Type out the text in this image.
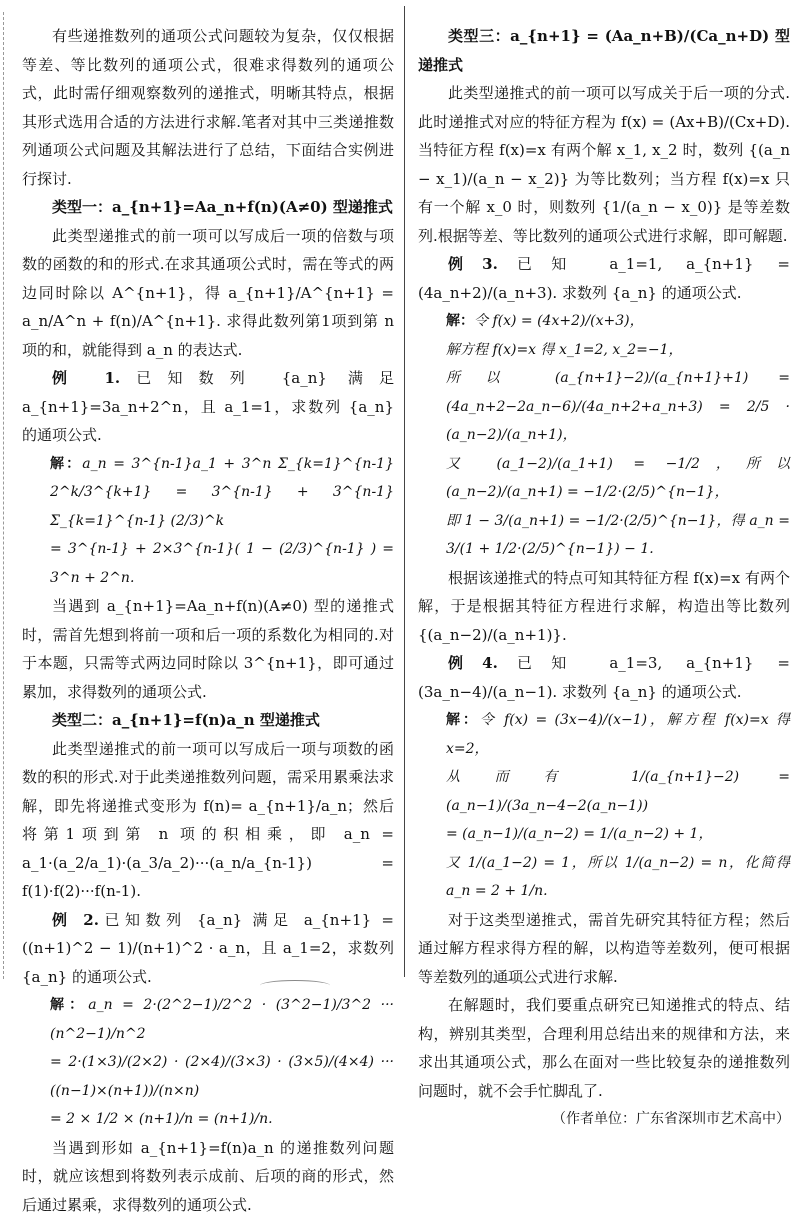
有些递推数列的通项公式问题较为复杂，仅仅根据等差、等比数列的通项公式，很难求得数列的通项公式，此时需仔细观察数列的递推式，明晰其特点，根据其形式选用合适的方法进行求解.笔者对其中三类递推数列通项公式问题及其解法进行了总结，下面结合实例进行探讨.

类型一：a_{n+1}=Aa_n+f(n)(A≠0) 型递推式

此类型递推式的前一项可以写成后一项的倍数与项数的函数的和的形式.在求其通项公式时，需在等式的两边同时除以 A^{n+1}，得 a_{n+1}/A^{n+1} = a_n/A^n + f(n)/A^{n+1}. 求得此数列第1项到第 n 项的和，就能得到 a_n 的表达式.

例 1.已知数列 {a_n} 满足 a_{n+1}=3a_n+2^n，且 a_1=1，求数列 {a_n} 的通项公式.

解：a_n = 3^{n-1}a_1 + 3^n Σ_{k=1}^{n-1} 2^k/3^{k+1} = 3^{n-1} + 3^{n-1} Σ_{k=1}^{n-1} (2/3)^k

= 3^{n-1} + 2×3^{n-1}( 1 − (2/3)^{n-1} ) = 3^n + 2^n.

当遇到 a_{n+1}=Aa_n+f(n)(A≠0) 型的递推式时，需首先想到将前一项和后一项的系数化为相同的.对于本题，只需等式两边同时除以 3^{n+1}，即可通过累加，求得数列的通项公式.

类型二：a_{n+1}=f(n)a_n 型递推式

此类型递推式的前一项可以写成后一项与项数的函数的积的形式.对于此类递推数列问题，需采用累乘法求解，即先将递推式变形为 f(n)= a_{n+1}/a_n；然后将第1项到第 n 项的积相乘，即 a_n = a_1·(a_2/a_1)·(a_3/a_2)···(a_n/a_{n-1}) = f(1)·f(2)···f(n-1).

例 2.已知数列 {a_n} 满足 a_{n+1} = ((n+1)^2 − 1)/(n+1)^2 · a_n，且 a_1=2，求数列 {a_n} 的通项公式.

解：a_n = 2·(2^2−1)/2^2 · (3^2−1)/3^2 ··· (n^2−1)/n^2

= 2·(1×3)/(2×2) · (2×4)/(3×3) · (3×5)/(4×4) ··· ((n−1)×(n+1))/(n×n)

= 2 × 1/2 × (n+1)/n = (n+1)/n.

当遇到形如 a_{n+1}=f(n)a_n 的递推数列问题时，就应该想到将数列表示成前、后项的商的形式，然后通过累乘，求得数列的通项公式.

类型三：a_{n+1} = (Aa_n+B)/(Ca_n+D) 型递推式

此类型递推式的前一项可以写成关于后一项的分式.此时递推式对应的特征方程为 f(x) = (Ax+B)/(Cx+D). 当特征方程 f(x)=x 有两个解 x_1, x_2 时，数列 {(a_n − x_1)/(a_n − x_2)} 为等比数列；当方程 f(x)=x 只有一个解 x_0 时，则数列 {1/(a_n − x_0)} 是等差数列.根据等差、等比数列的通项公式进行求解，即可解题.

例3.已知 a_1=1, a_{n+1} = (4a_n+2)/(a_n+3). 求数列 {a_n} 的通项公式.

解：令 f(x) = (4x+2)/(x+3)，

解方程 f(x)=x 得 x_1=2, x_2=−1，

所以 (a_{n+1}−2)/(a_{n+1}+1) = (4a_n+2−2a_n−6)/(4a_n+2+a_n+3) = 2/5 · (a_n−2)/(a_n+1)，

又 (a_1−2)/(a_1+1) = −1/2，所以 (a_n−2)/(a_n+1) = −1/2·(2/5)^{n−1}，

即 1 − 3/(a_n+1) = −1/2·(2/5)^{n−1}，得 a_n = 3/(1 + 1/2·(2/5)^{n−1}) − 1.

根据该递推式的特点可知其特征方程 f(x)=x 有两个解，于是根据其特征方程进行求解，构造出等比数列 {(a_n−2)/(a_n+1)}.

例4.已知 a_1=3, a_{n+1} = (3a_n−4)/(a_n−1). 求数列 {a_n} 的通项公式.

解：令 f(x) = (3x−4)/(x−1)，解方程 f(x)=x 得 x=2，

从而有 1/(a_{n+1}−2) = (a_n−1)/(3a_n−4−2(a_n−1))

= (a_n−1)/(a_n−2) = 1/(a_n−2) + 1，

又 1/(a_1−2) = 1，所以 1/(a_n−2) = n，化简得 a_n = 2 + 1/n.

对于这类型递推式，需首先研究其特征方程；然后通过解方程求得方程的解，以构造等差数列，便可根据等差数列的通项公式进行求解.

在解题时，我们要重点研究已知递推式的特点、结构，辨别其类型，合理利用总结出来的规律和方法，来求出其通项公式，那么在面对一些比较复杂的递推数列问题时，就不会手忙脚乱了.

（作者单位：广东省深圳市艺术高中）
